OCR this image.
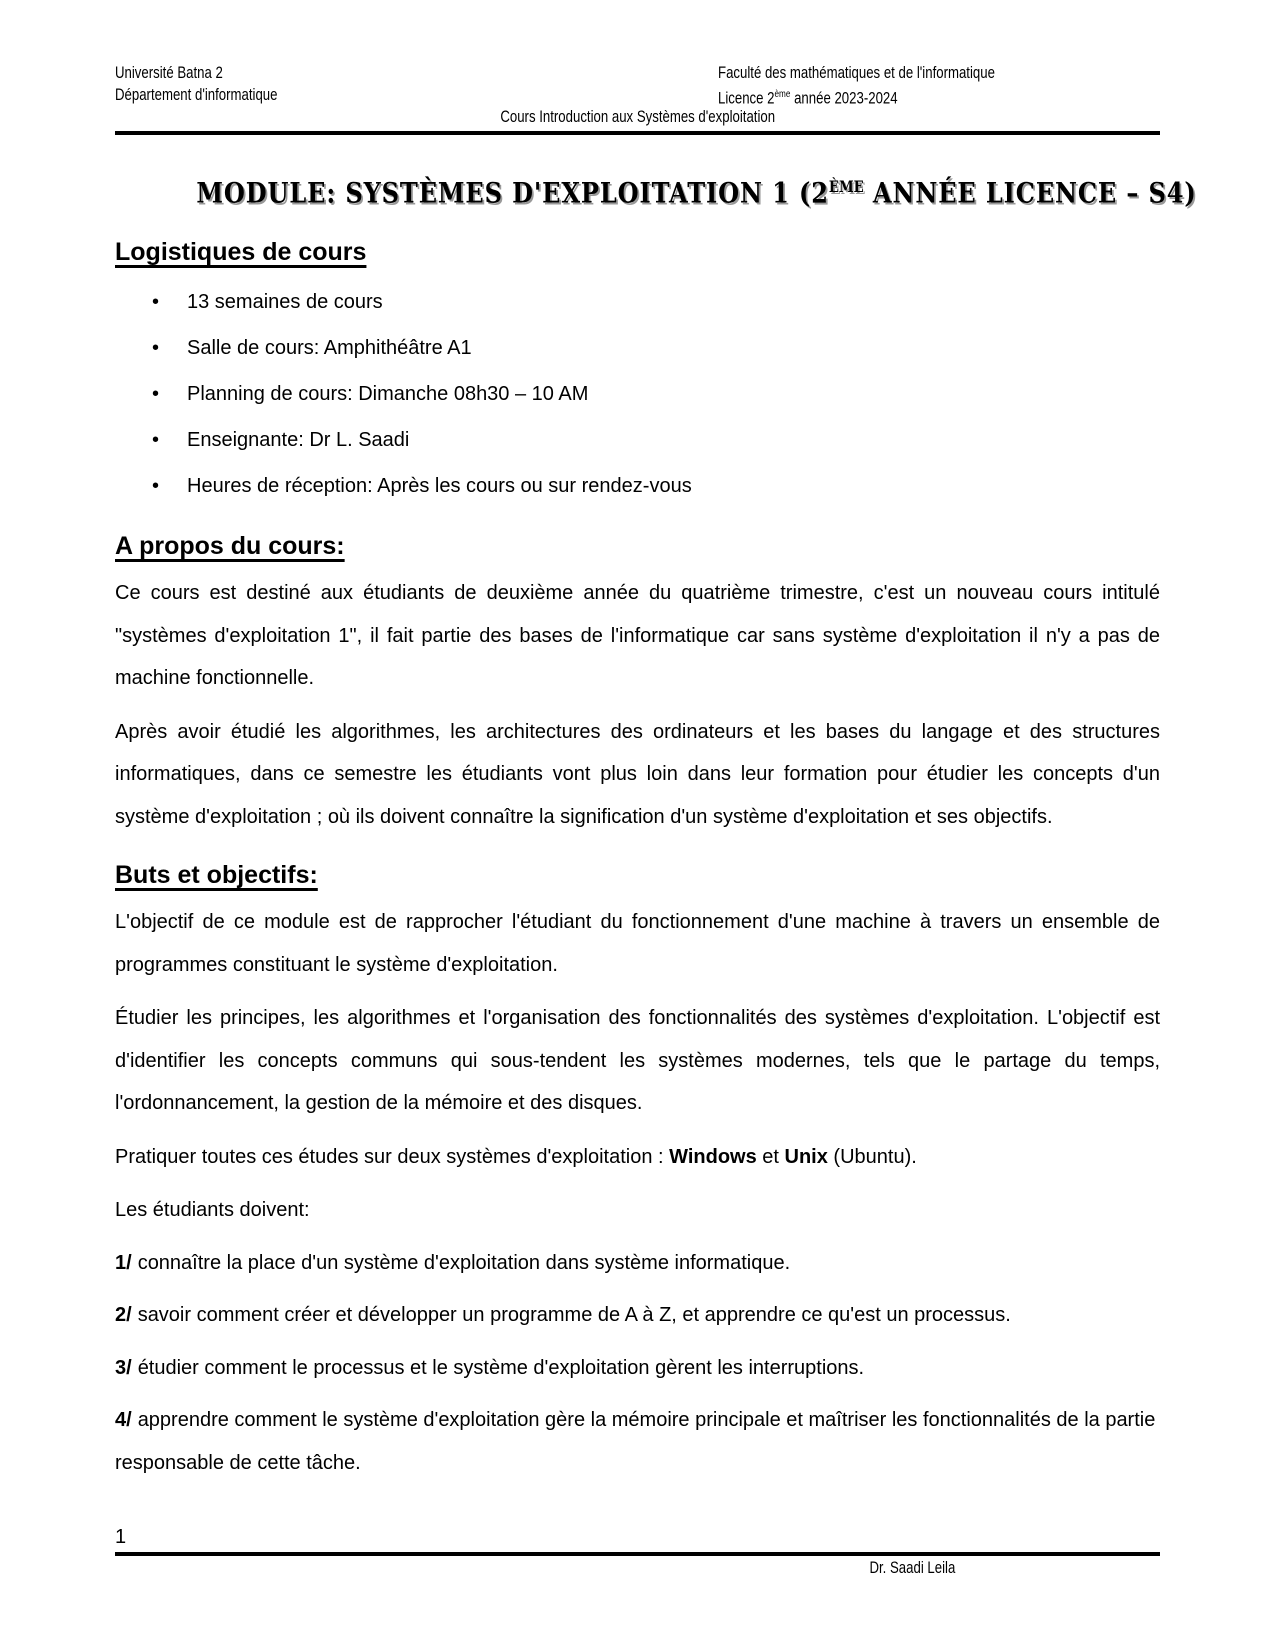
Université Batna 2
Département d'informatique
Faculté des mathématiques et de l'informatique
Licence 2ème année 2023-2024
Cours Introduction aux Systèmes d'exploitation
MODULE: SYSTÈMES D'EXPLOITATION 1 (2ÈME ANNÉE LICENCE – S4)
Logistiques de cours
•	13 semaines de cours
•	Salle de cours: Amphithéâtre A1
•	Planning de cours: Dimanche 08h30 – 10 AM
•	Enseignante: Dr L. Saadi
•	Heures de réception: Après les cours ou sur rendez-vous
A propos du cours:

Ce cours est destiné aux étudiants de deuxième année du quatrième trimestre, c'est un nouveau cours intitulé "systèmes d'exploitation 1", il fait partie des bases de l'informatique car sans système d'exploitation il n'y a pas de machine fonctionnelle.

Après avoir étudié les algorithmes, les architectures des ordinateurs et les bases du langage et des structures informatiques, dans ce semestre les étudiants vont plus loin dans leur formation pour étudier les concepts d'un système d'exploitation ; où ils doivent connaître la signification d'un système d'exploitation et ses objectifs.

Buts et objectifs:

L'objectif de ce module est de rapprocher l'étudiant du fonctionnement d'une machine à travers un ensemble de programmes constituant le système d'exploitation.

Étudier les principes, les algorithmes et l'organisation des fonctionnalités des systèmes d'exploitation. L'objectif est d'identifier les concepts communs qui sous-tendent les systèmes modernes, tels que le partage du temps, l'ordonnancement, la gestion de la mémoire et des disques.

Pratiquer toutes ces études sur deux systèmes d'exploitation : Windows et Unix (Ubuntu).

Les étudiants doivent:

1/ connaître la place d'un système d'exploitation dans système informatique.

2/ savoir comment créer et développer un programme de A à Z, et apprendre ce qu'est un processus.

3/ étudier comment le processus et le système d'exploitation gèrent les interruptions.

4/ apprendre comment le système d'exploitation gère la mémoire principale et maîtriser les fonctionnalités de la partie responsable de cette tâche.

1
Dr. Saadi Leila
